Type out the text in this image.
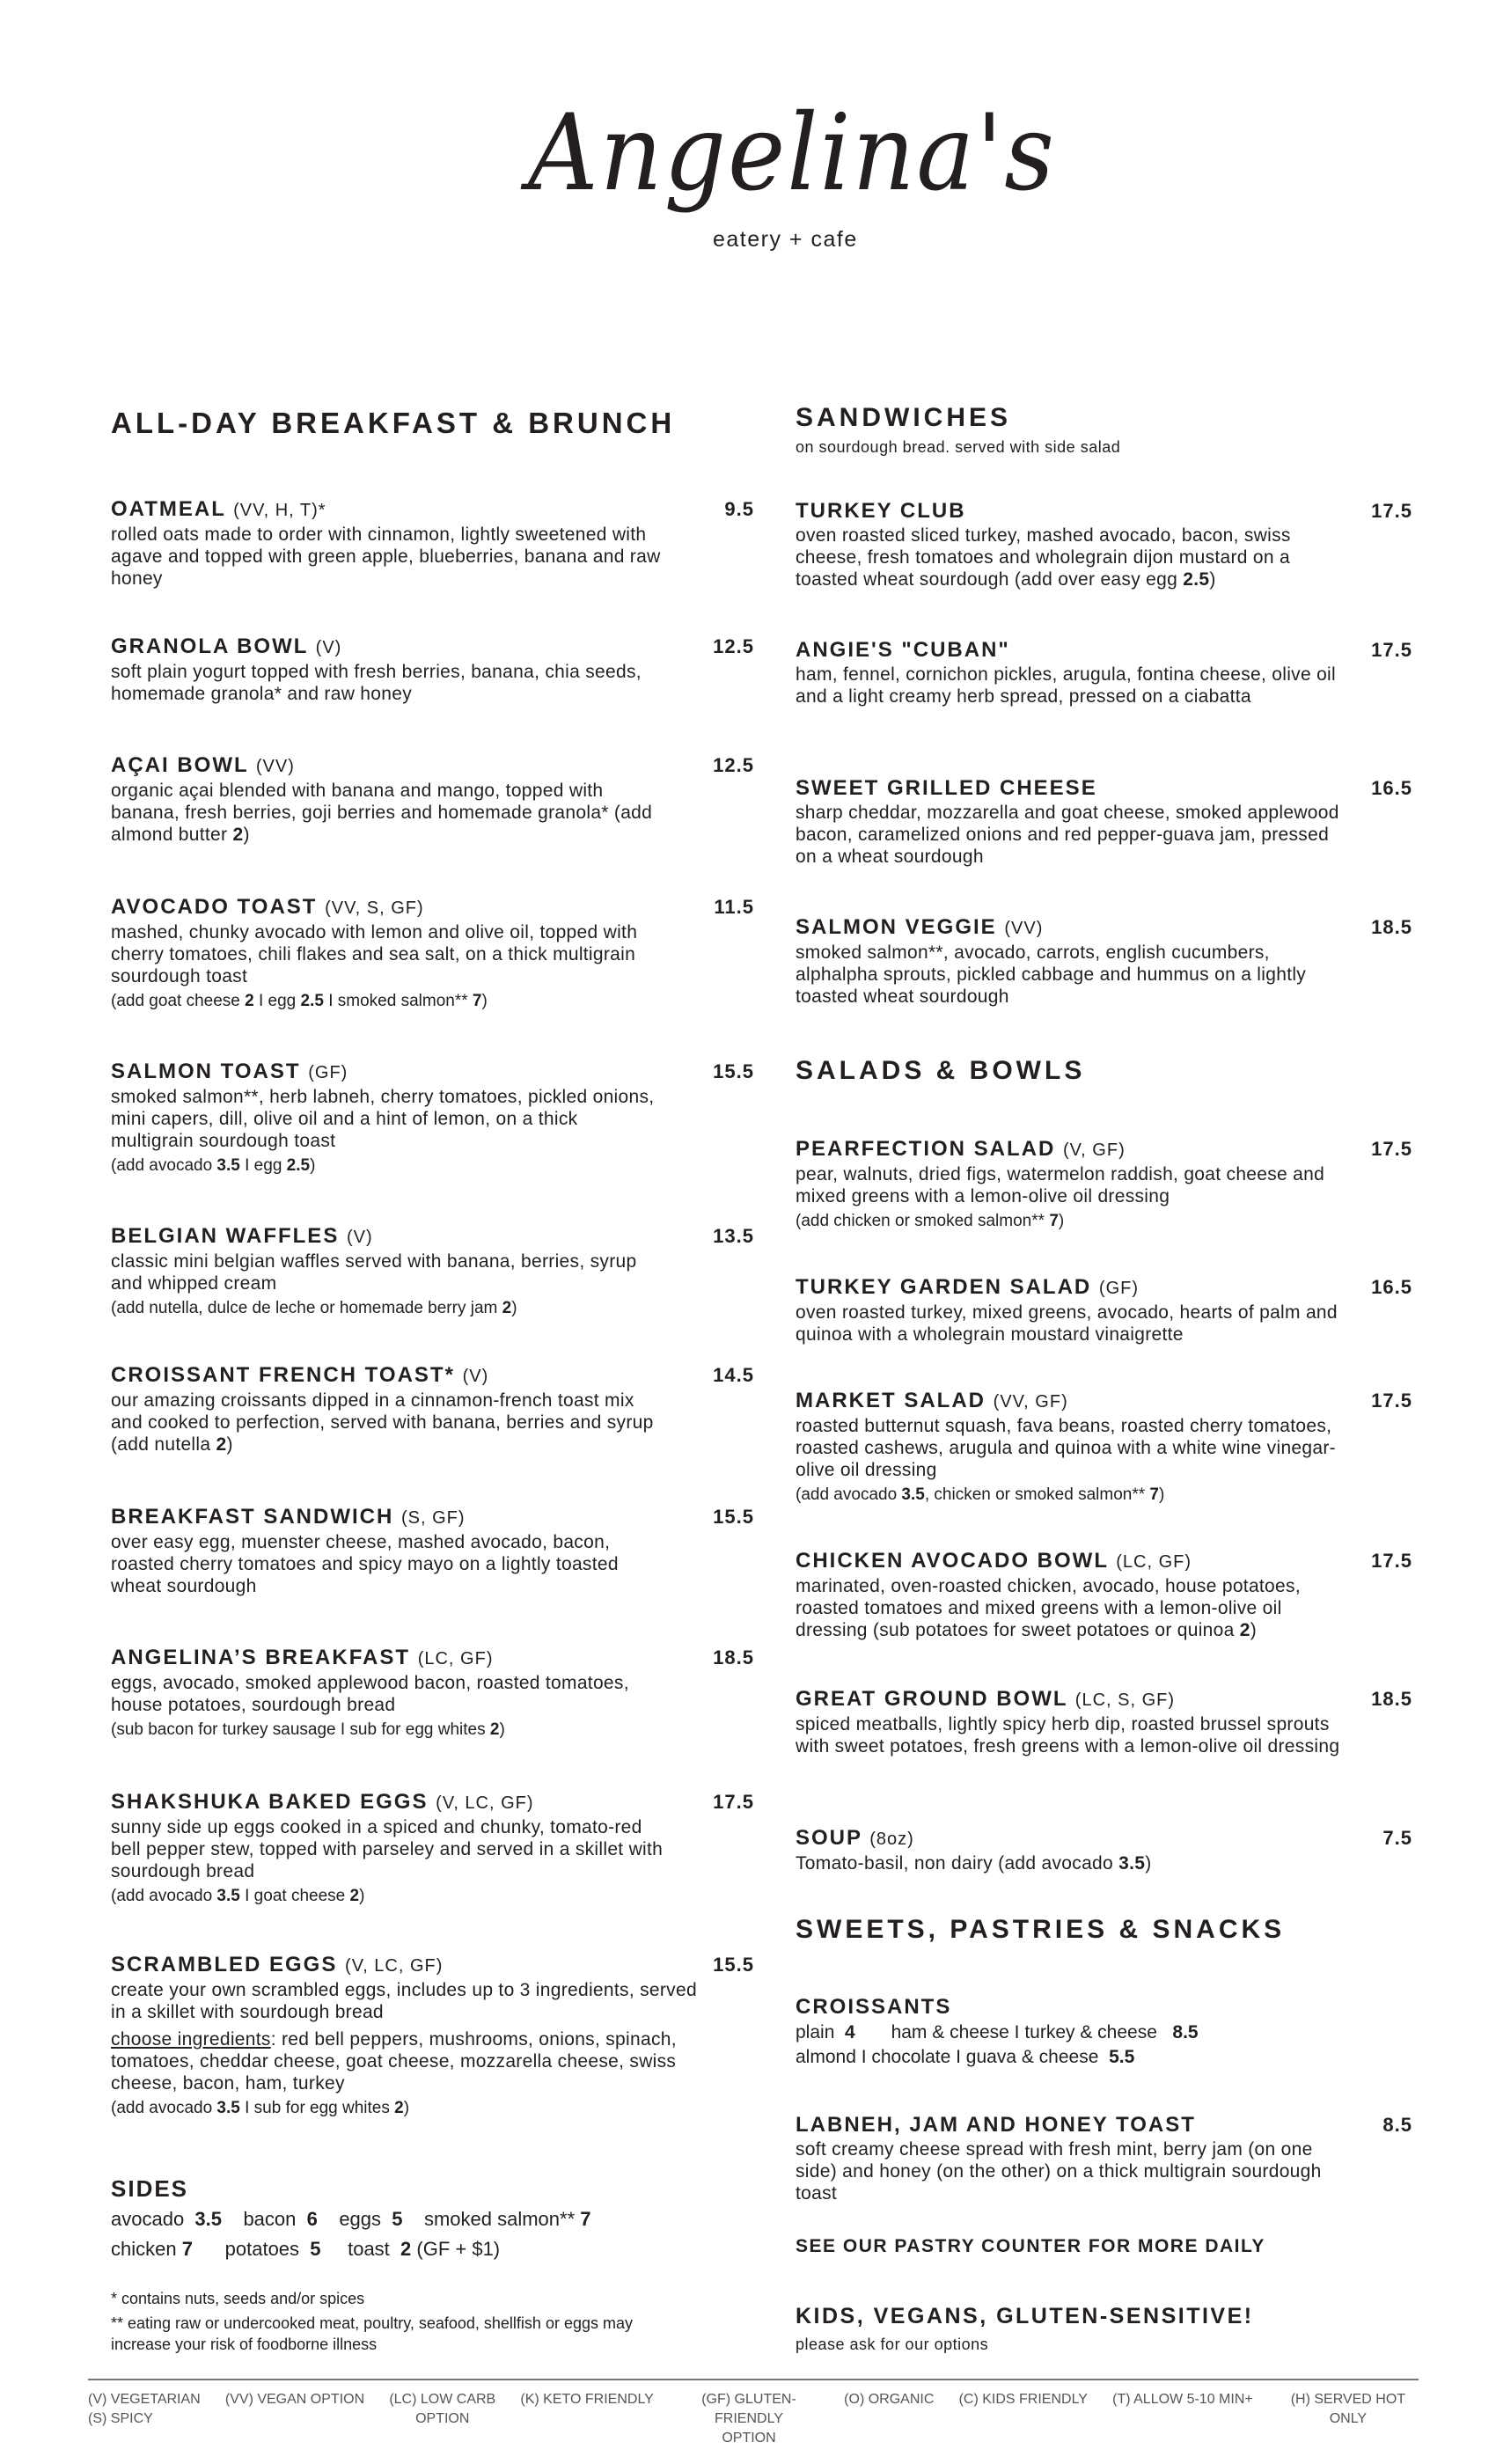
Angelina's
eatery + cafe
ALL-DAY BREAKFAST & BRUNCH
OATMEAL (VV, H, T)*	9.5
rolled oats made to order with cinnamon, lightly sweetened with agave and topped with green apple, blueberries, banana and raw honey
GRANOLA BOWL (V)	12.5
soft plain yogurt topped with fresh berries, banana, chia seeds, homemade granola* and raw honey
AÇAI BOWL (VV)	12.5
organic açai blended with banana and mango, topped with banana, fresh berries, goji berries and homemade granola* (add almond butter 2)
AVOCADO TOAST (VV, S, GF)	11.5
mashed, chunky avocado with lemon and olive oil, topped with cherry tomatoes, chili flakes and sea salt, on a thick multigrain sourdough toast
(add goat cheese 2 I egg 2.5 I smoked salmon** 7)
SALMON TOAST (GF)	15.5
smoked salmon**, herb labneh, cherry tomatoes, pickled onions, mini capers, dill, olive oil and a hint of lemon, on a thick multigrain sourdough toast
(add avocado 3.5 I egg 2.5)
BELGIAN WAFFLES (V)	13.5
classic mini belgian waffles served with banana, berries, syrup and whipped cream
(add nutella, dulce de leche or homemade berry jam 2)
CROISSANT FRENCH TOAST* (V)	14.5
our amazing croissants dipped in a cinnamon-french toast mix and cooked to perfection, served with banana, berries and syrup (add nutella 2)
BREAKFAST SANDWICH (S, GF)	15.5
over easy egg, muenster cheese, mashed avocado, bacon, roasted cherry tomatoes and spicy mayo on a lightly toasted wheat sourdough
ANGELINA’S BREAKFAST (LC, GF)	18.5
eggs, avocado, smoked applewood bacon, roasted tomatoes, house potatoes, sourdough bread
(sub bacon for turkey sausage I sub for egg whites 2)
SHAKSHUKA BAKED EGGS (V, LC, GF)	17.5
sunny side up eggs cooked in a spiced and chunky, tomato-red bell pepper stew, topped with parseley and served in a skillet with sourdough bread
(add avocado 3.5 I goat cheese 2)
SCRAMBLED EGGS (V, LC, GF)	15.5
create your own scrambled eggs, includes up to 3 ingredients, served in a skillet with sourdough bread
choose ingredients: red bell peppers, mushrooms, onions, spinach, tomatoes, cheddar cheese, goat cheese, mozzarella cheese, swiss cheese, bacon, ham, turkey
(add avocado 3.5 I sub for egg whites 2)
SIDES
avocado  3.5    bacon  6    eggs  5    smoked salmon** 7
chicken 7      potatoes  5     toast  2 (GF + $1)
* contains nuts, seeds and/or spices
** eating raw or undercooked meat, poultry, seafood, shellfish or eggs may increase your risk of foodborne illness
SANDWICHES
on sourdough bread. served with side salad
SALADS & BOWLS
SWEETS, PASTRIES & SNACKS
TURKEY CLUB	17.5
oven roasted sliced turkey, mashed avocado, bacon, swiss cheese, fresh tomatoes and wholegrain dijon mustard on a toasted wheat sourdough (add over easy egg 2.5)
ANGIE'S "CUBAN"	17.5
ham, fennel, cornichon pickles, arugula, fontina cheese, olive oil and a light creamy herb spread, pressed on a ciabatta
SWEET GRILLED CHEESE	16.5
sharp cheddar, mozzarella and goat cheese, smoked applewood bacon, caramelized onions and red pepper-guava jam, pressed on a wheat sourdough
SALMON VEGGIE (VV)	18.5
smoked salmon**, avocado, carrots, english cucumbers, alphalpha sprouts, pickled cabbage and hummus on a lightly toasted wheat sourdough
PEARFECTION SALAD (V, GF)	17.5
pear, walnuts, dried figs, watermelon raddish, goat cheese and mixed greens with a lemon-olive oil dressing
(add chicken or smoked salmon** 7)
TURKEY GARDEN SALAD (GF)	16.5
oven roasted turkey, mixed greens, avocado, hearts of palm and quinoa with a wholegrain moustard vinaigrette
MARKET SALAD (VV, GF)	17.5
roasted butternut squash, fava beans, roasted cherry tomatoes, roasted cashews, arugula and quinoa with a white wine vinegar-olive oil dressing
(add avocado 3.5, chicken or smoked salmon** 7)
CHICKEN AVOCADO BOWL (LC, GF)	17.5
marinated, oven-roasted chicken, avocado, house potatoes, roasted tomatoes and mixed greens with a lemon-olive oil dressing (sub potatoes for sweet potatoes or quinoa 2)
GREAT GROUND BOWL (LC, S, GF)	18.5
spiced meatballs, lightly spicy herb dip, roasted brussel sprouts with sweet potatoes, fresh greens with a lemon-olive oil dressing
SOUP (8oz)	7.5
Tomato-basil, non dairy (add avocado 3.5)
LABNEH, JAM AND HONEY TOAST	8.5
soft creamy cheese spread with fresh mint, berry jam (on one side) and honey (on the other) on a thick multigrain sourdough toast
CROISSANTS
plain  4       ham & cheese I turkey & cheese   8.5
almond I chocolate I guava & cheese  5.5
SEE OUR PASTRY COUNTER FOR MORE DAILY
KIDS, VEGANS, GLUTEN-SENSITIVE!
please ask for our options
(V) VEGETARIAN
(S) SPICY
(VV) VEGAN OPTION (LC) LOW CARB
OPTION
(K) KETO FRIENDLY	(GF) GLUTEN-FRIENDLY
OPTION
(O) ORGANIC (C) KIDS FRIENDLY (T) ALLOW 5-10 MIN+	(H) SERVED HOT ONLY
